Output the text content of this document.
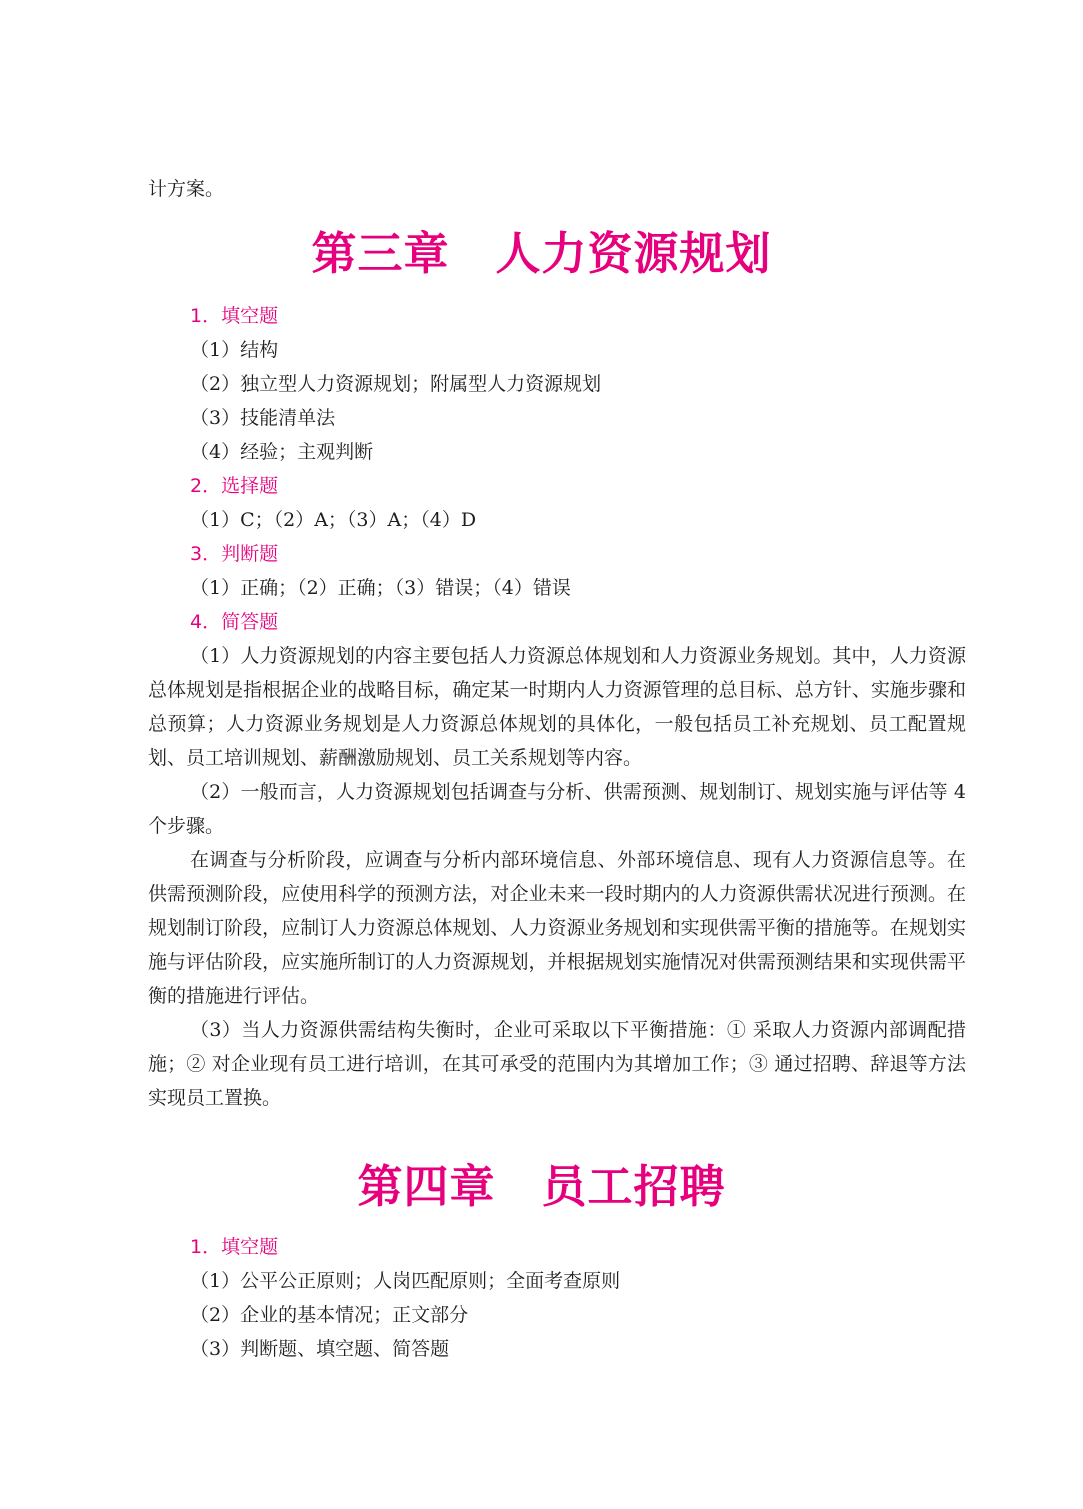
计方案。

第三章　人力资源规划

1．填空题

（1）结构

（2）独立型人力资源规划；附属型人力资源规划

（3）技能清单法

（4）经验；主观判断

2．选择题

（1）C；（2）A；（3）A；（4）D

3．判断题

（1）正确；（2）正确；（3）错误；（4）错误

4．简答题

（1）人力资源规划的内容主要包括人力资源总体规划和人力资源业务规划。其中，人力资源总体规划是指根据企业的战略目标，确定某一时期内人力资源管理的总目标、总方针、实施步骤和总预算；人力资源业务规划是人力资源总体规划的具体化，一般包括员工补充规划、员工配置规划、员工培训规划、薪酬激励规划、员工关系规划等内容。

（2）一般而言，人力资源规划包括调查与分析、供需预测、规划制订、规划实施与评估等 4 个步骤。

在调查与分析阶段，应调查与分析内部环境信息、外部环境信息、现有人力资源信息等。在供需预测阶段，应使用科学的预测方法，对企业未来一段时期内的人力资源供需状况进行预测。在规划制订阶段，应制订人力资源总体规划、人力资源业务规划和实现供需平衡的措施等。在规划实施与评估阶段，应实施所制订的人力资源规划，并根据规划实施情况对供需预测结果和实现供需平衡的措施进行评估。

（3）当人力资源供需结构失衡时，企业可采取以下平衡措施：① 采取人力资源内部调配措施；② 对企业现有员工进行培训，在其可承受的范围内为其增加工作；③ 通过招聘、辞退等方法实现员工置换。

第四章　员工招聘

1．填空题

（1）公平公正原则；人岗匹配原则；全面考查原则

（2）企业的基本情况；正文部分

（3）判断题、填空题、简答题
